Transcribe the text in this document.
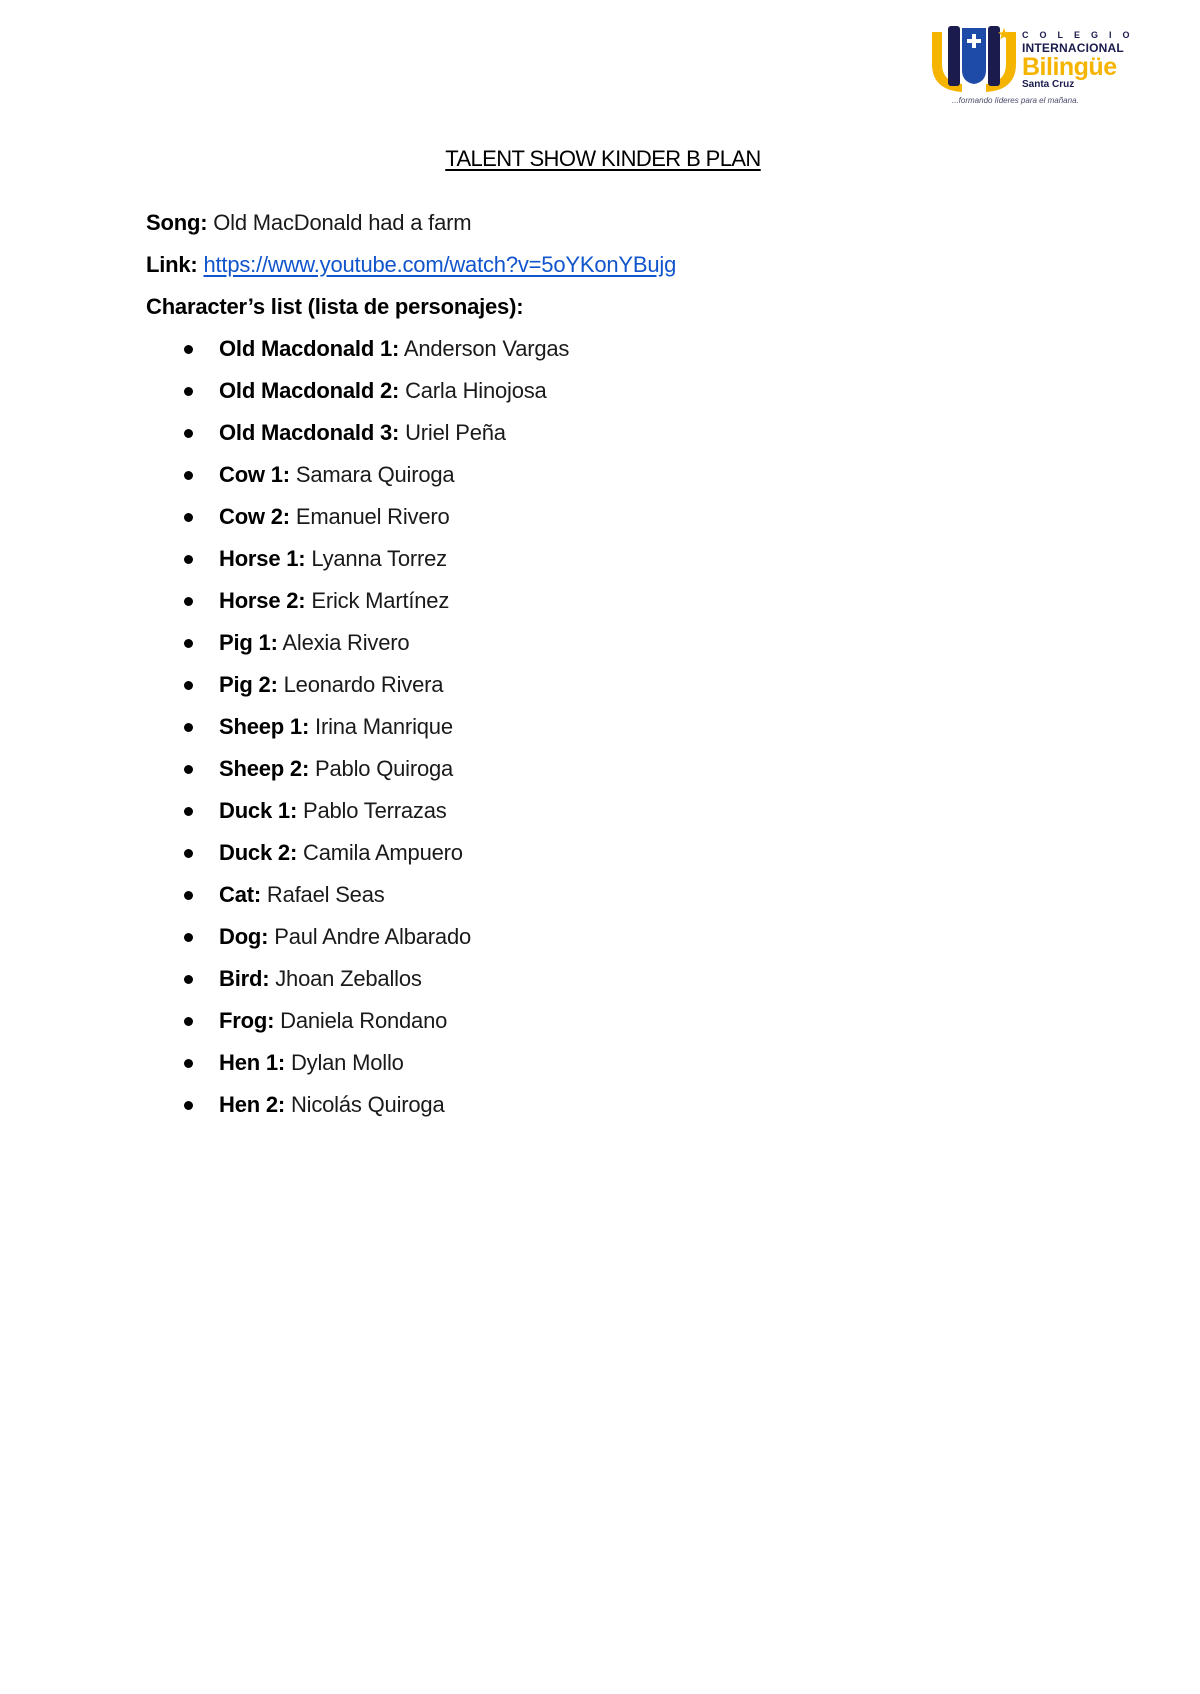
COLEGIO
INTERNACIONAL
Bilingüe
Santa Cruz
...formando líderes para el mañana.
TALENT SHOW KINDER B PLAN
Song: Old MacDonald had a farm
Link: https://www.youtube.com/watch?v=5oYKonYBujg
Character’s list (lista de personajes):
Old Macdonald 1: Anderson Vargas
Old Macdonald 2: Carla Hinojosa
Old Macdonald 3: Uriel Peña
Cow 1: Samara Quiroga
Cow 2: Emanuel Rivero
Horse 1: Lyanna Torrez
Horse 2: Erick Martínez
Pig 1: Alexia Rivero
Pig 2: Leonardo Rivera
Sheep 1: Irina Manrique
Sheep 2: Pablo Quiroga
Duck 1: Pablo Terrazas
Duck 2: Camila Ampuero
Cat: Rafael Seas
Dog: Paul Andre Albarado
Bird: Jhoan Zeballos
Frog: Daniela Rondano
Hen 1: Dylan Mollo
Hen 2: Nicolás Quiroga
